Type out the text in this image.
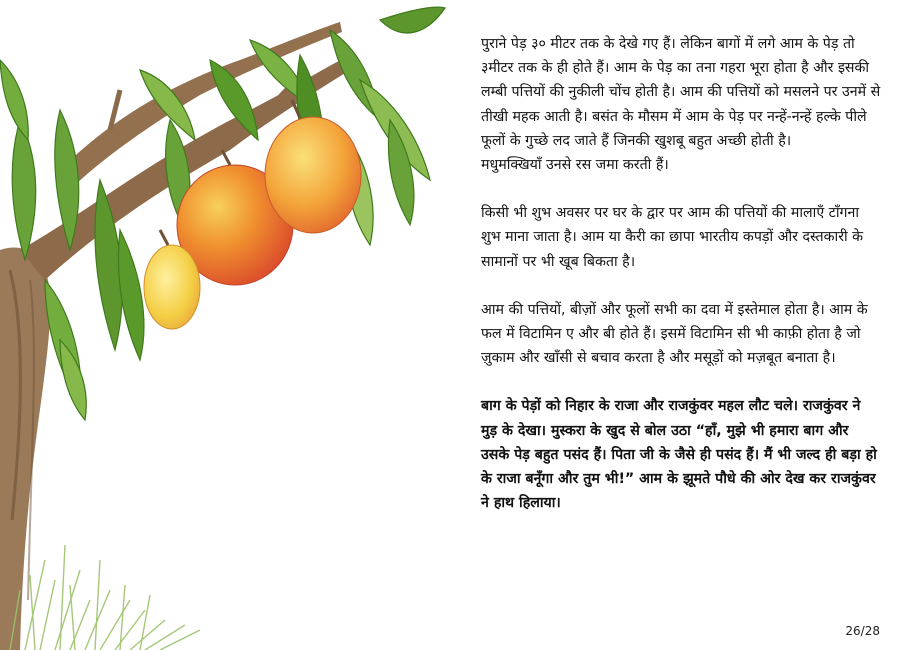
पुराने पेड़ ३० मीटर तक के देखे गए हैं। लेकिन बागों में लगे आम के पेड़ तो ३मीटर तक के ही होते हैं। आम के पेड़ का तना गहरा भूरा होता है और इसकी लम्बी पत्तियों की नुकीली चोंच होती है। आम की पत्तियों को मसलने पर उनमें से तीखी महक आती है। बसंत के मौसम में आम के पेड़ पर नन्हें-नन्हें हल्के पीले फूलों के गुच्छे लद जाते हैं जिनकी खुशबू बहुत अच्छी होती है।

मधुमक्खियाँ उनसे रस जमा करती हैं।

किसी भी शुभ अवसर पर घर के द्वार पर आम की पत्तियों की मालाएँ टाँगना शुभ माना जाता है। आम या कैरी का छापा भारतीय कपड़ों और दस्तकारी के सामानों पर भी खूब बिकता है।

आम की पत्तियों, बीज़ों और फूलों सभी का दवा में इस्तेमाल होता है। आम के फल में विटामिन ए और बी होते हैं। इसमें विटामिन सी भी काफ़ी होता है जो ज़ुकाम और खाँसी से बचाव करता है और मसूड़ों को मज़बूत बनाता है।

बाग के पेड़ों को निहार के राजा और राजकुंवर महल लौट चले। राजकुंवर ने मुड़ के देखा। मुस्करा के खुद से बोल उठा “हाँ, मुझे भी हमारा बाग और उसके पेड़ बहुत पसंद हैं। पिता जी के जैसे ही पसंद हैं। मैं भी जल्द ही बड़ा हो के राजा बनूँगा और तुम भी!” आम के झूमते पौधे की ओर देख कर राजकुंवर ने हाथ हिलाया।

26/28
